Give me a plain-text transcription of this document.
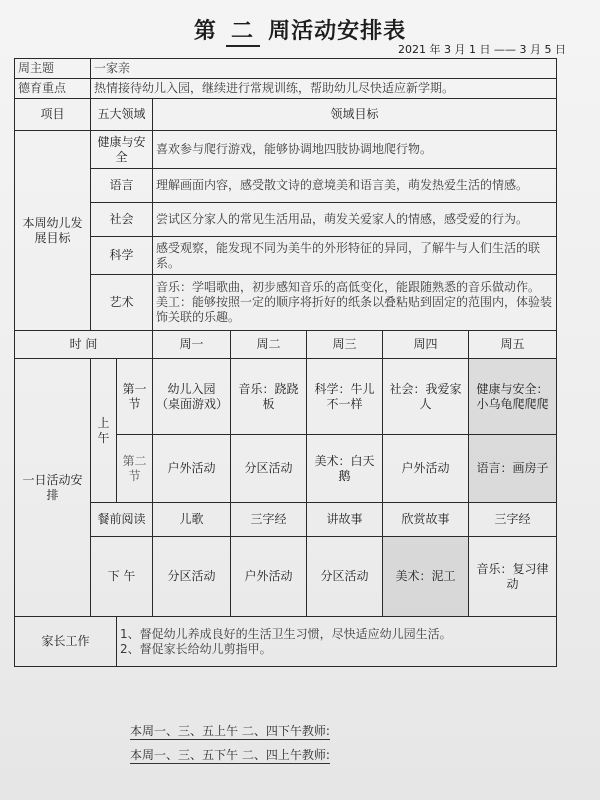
第 二 周活动安排表
2021 年 3 月 1 日 —— 3 月 5 日
周主题	一家亲						
德育重点	热情接待幼儿入园，继续进行常规训练，帮助幼儿尽快适应新学期。						
项目	五大领域		领域目标				
本周幼儿发展目标	健康与安全		喜欢参与爬行游戏，能够协调地四肢协调地爬行物。				
	语言		理解画面内容，感受散文诗的意境美和语言美，萌发热爱生活的情感。				
	社会		尝试区分家人的常见生活用品，萌发关爱家人的情感，感受爱的行为。				
	科学		感受观察，能发现不同为美牛的外形特征的异同，了解牛与人们生活的联系。				
	艺术		音乐：学唱歌曲，初步感知音乐的高低变化，能跟随熟悉的音乐做动作。
美工：能够按照一定的顺序将折好的纸条以叠粘贴到固定的范围内，体验装饰关联的乐趣。				

时 间			周一	周二	周三	周四	周五
一日活动安排	上午	第一节	幼儿入园（桌面游戏）	音乐：跷跷板	科学：牛儿不一样	社会：我爱家人	健康与安全：小乌龟爬爬爬
		第二节	户外活动	分区活动	美术：白天鹅	户外活动	语言：画房子
	餐前阅读		儿歌	三字经	讲故事	欣赏故事	三字经
	下 午		分区活动	户外活动	分区活动	美术：泥工	音乐：复习律动
家长工作		1、督促幼儿养成良好的生活卫生习惯，尽快适应幼儿园生活。
2、督促家长给幼儿剪指甲。					
本周一、三、五上午 二、四下午教师:
本周一、三、五下午 二、四上午教师:
